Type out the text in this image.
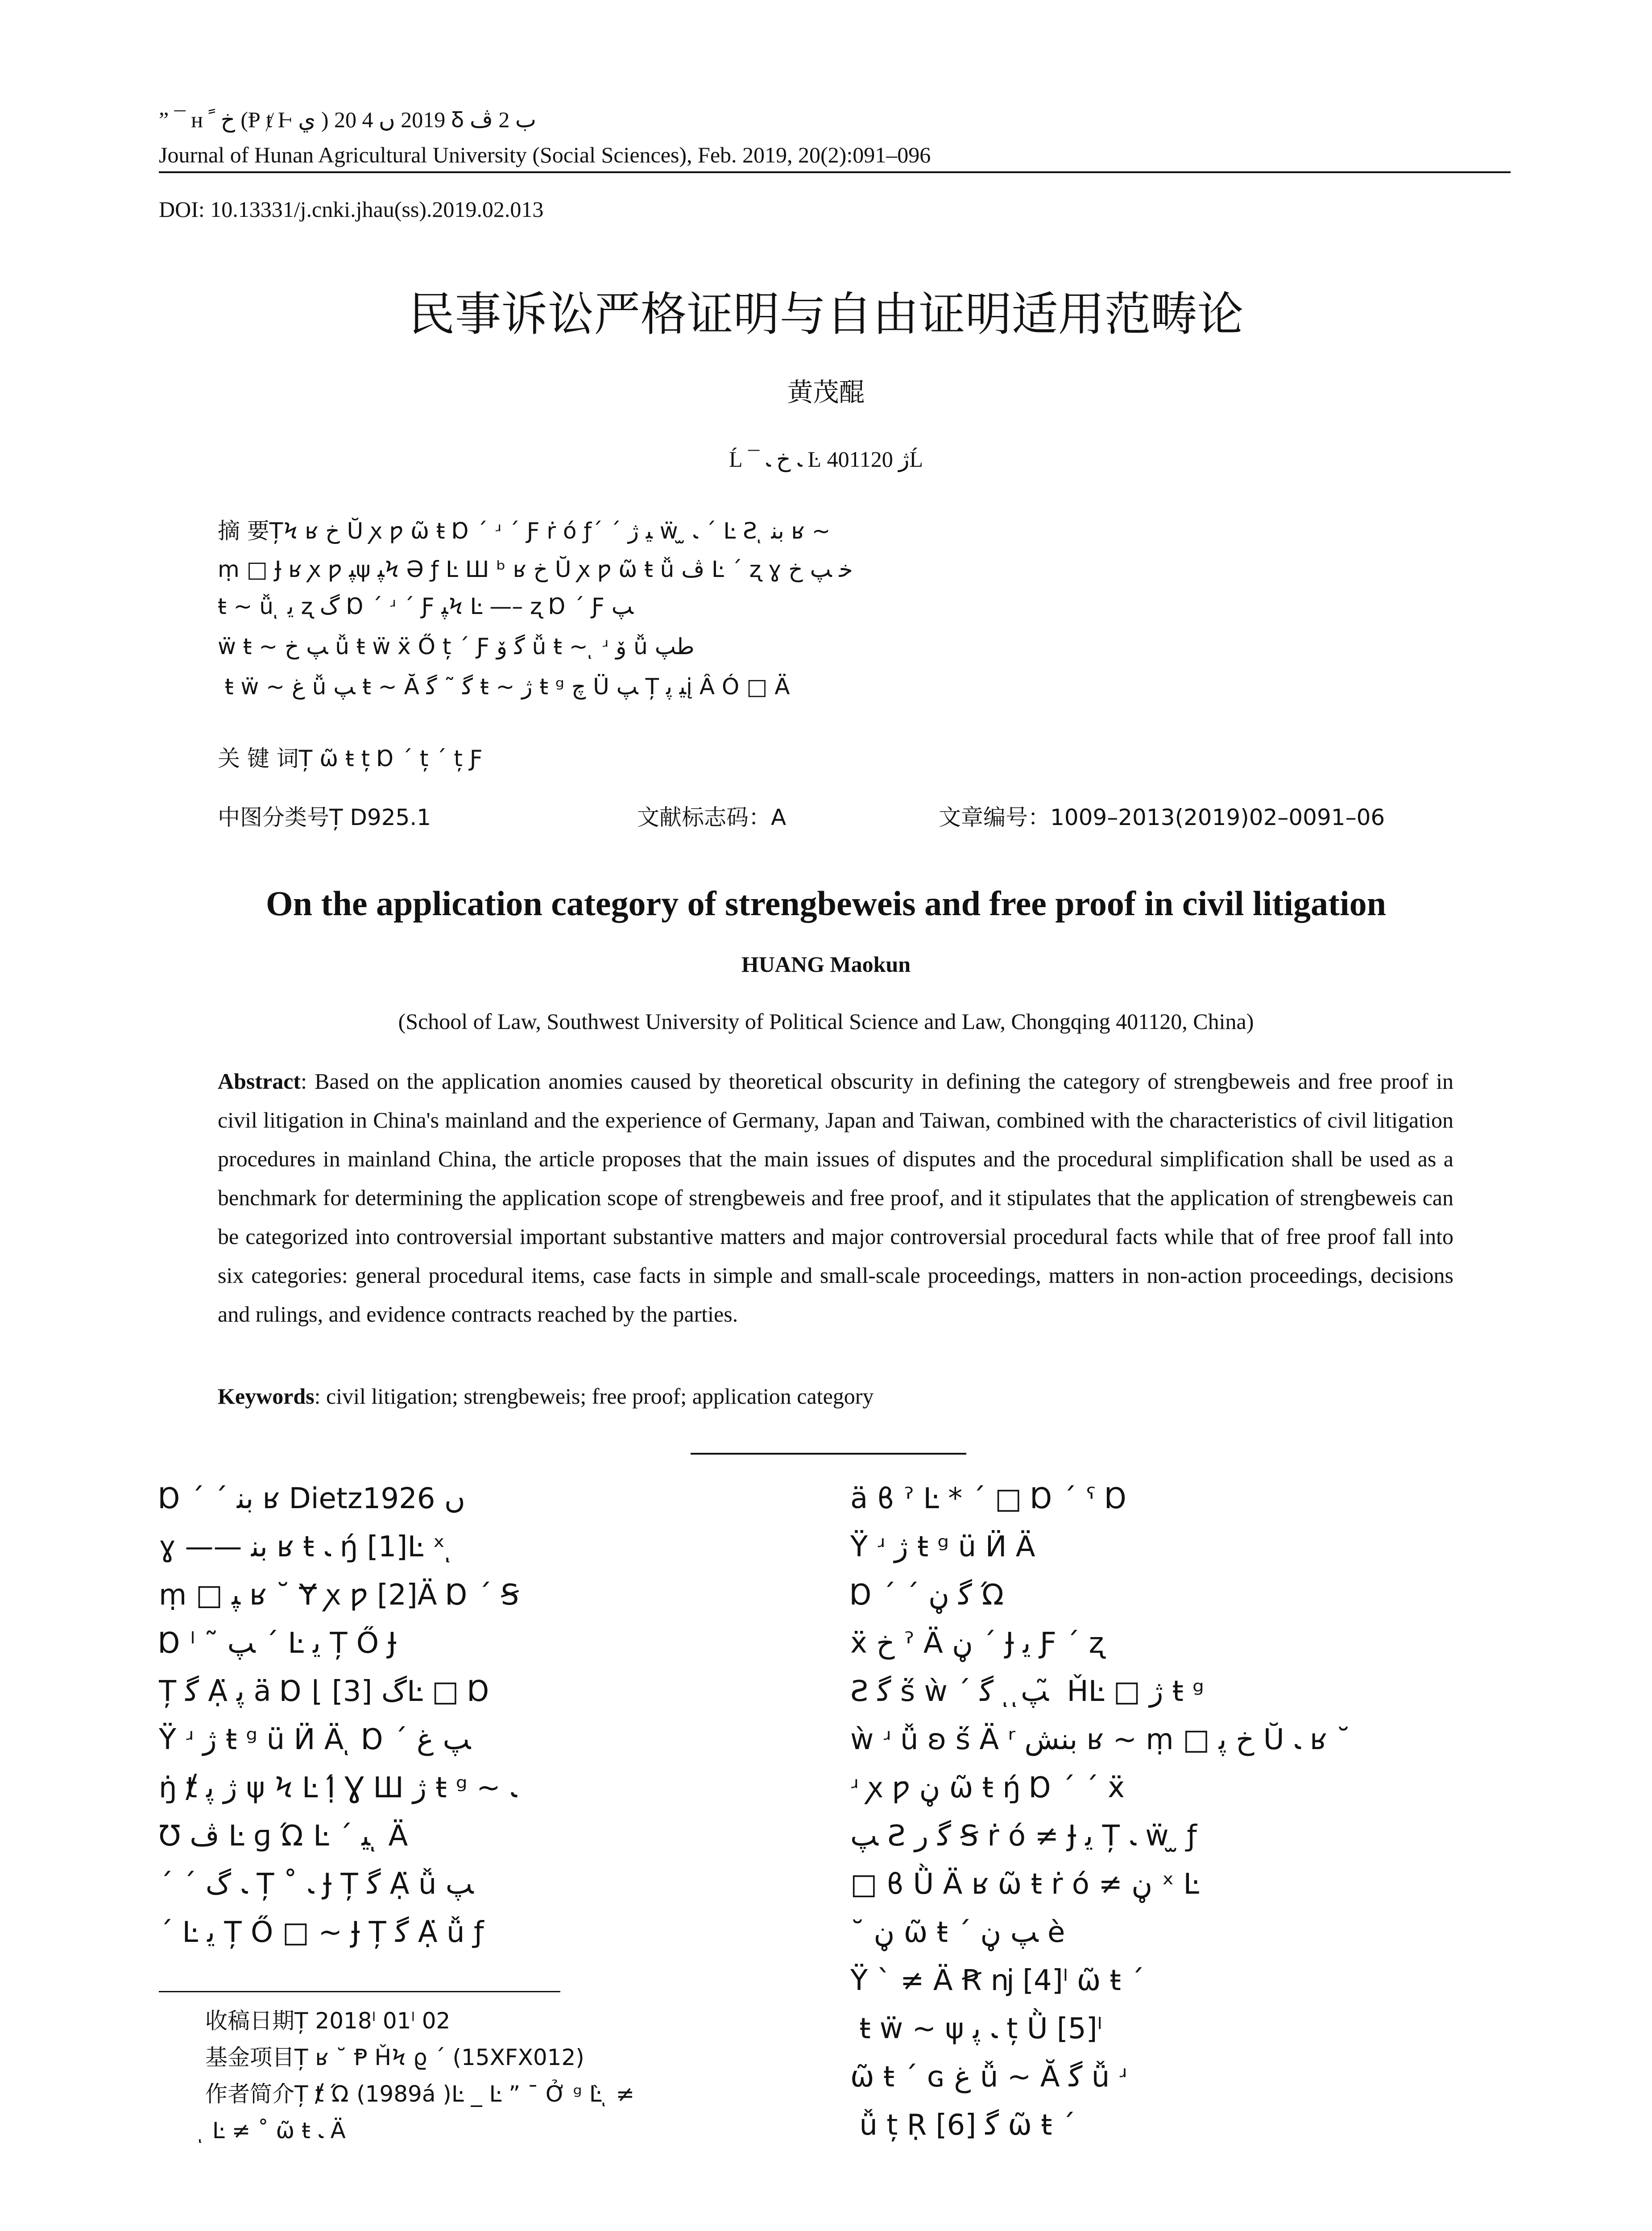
” ¯ ʜ ﺥ ﹰ (Ᵽ ⱦ Ⱶ ي ) 2019 ں 4 20 Ᵹ ب 2 ﭪ
Journal of Hunan Agricultural University (Social Sciences), Feb. 2019, 20(2):091–096
DOI: 10.13331/j.cnki.jhau(ss).2019.02.013
民事诉讼严格证明与自由证明适用范畴论
黄茂醌
Ĺ ¯ ﹳ ﺥ ﹳ Ŀ ژ 401120Ĺ
摘 要ȚϞ ʁ ﺥ Ŭ ꭗ ƿ ῶ ŧ Ɒ ΄ ʴ ΄ Ƒ ṙ ó ƒ΄ ΄ ﯿ ژ ẅ ̫ ﹳ ΄ Ŀ Ƨ ͅ ﺑﻨ ʁ ~
ṃ □ Ɉ ʁ ꭗ ƿ ﭙψ ﭙϞ Ә ƒ Ŀ Ш ᵇ ʁ ﺥ Ŭ ꭗ ƿ ῶ ŧ ǚ ڤ Ŀ ΄ ʐ ɣ ﺧ ﭗ ﺥ
ŧ ~ ǚ ͅ ﯾ ʐ گ Ɒ ΄ ʴ ΄ Ƒ ﭙϞ Ŀ —– ʐ Ɒ ΄ Ƒ ﭗ
ẅ ŧ ~ ﭗ ﺥ ǚ ŧ ẅ ẍ Ő ț ΄ Ƒ ﮔ ﯙ ǚ ŧ ~ ͅ ʴ ﯙ ǚ ﻃﭗ
ͅ ŧ ẅ ~ ﻍ ǚ ﭗ ŧ ~ Ă ﮔ ˜ ﮔ ŧ ~ ژ ŧ ᵍ ﭺ Ǜ ﭗ Ț ﯿ ﭘį Â Ó □ Ä
关 键 词Ț ῶ ŧ ț Ɒ ΄ ț ΄ ț Ƒ
中图分类号Ț D925.1	文献标志码：A	文章编号：1009–2013(2019)02–0091–06
On the application category of strengbeweis and free proof in civil litigation
HUANG Maokun
(School of Law, Southwest University of Political Science and Law, Chongqing 401120, China)
Abstract: Based on the application anomies caused by theoretical obscurity in defining the category of strengbeweis and free proof in civil litigation in China's mainland and the experience of Germany, Japan and Taiwan, combined with the characteristics of civil litigation procedures in mainland China, the article proposes that the main issues of disputes and the procedural simplification shall be used as a benchmark for determining the application scope of strengbeweis and free proof, and it stipulates that the application of strengbeweis can be categorized into controversial important substantive matters and major controversial procedural facts while that of free proof fall into six categories: general procedural items, case facts in simple and small-scale proceedings, matters in non-action proceedings, decisions and rulings, and evidence contracts reached by the parties.
Keywords: civil litigation; strengbeweis; free proof; application category
Ɒ ΄ ΄ ﺑﻨ ʁ Dietz1926 ں
ɣ —— ﺑﻨ ʁ ŧ ﹳ ŋ́ [1]Ŀ ˣ ͅ
ṃ □ ﭙ ʁ ˘ Ɏ ꭗ ƿ [2]Ä Ɒ ΄ Ꞩ
Ɒ ˡ ˜ ﭗ ΄ Ŀ ﯾ Ț Ő Ɉ
Ț ﮔ Ạ̈ ﭘ ä Ɒ ⌊ گ [3]Ŀ □ Ɒ
Ÿ ʴ ژ ŧ ᵍ ü Ӥ Ä ͅ Ɒ ΄ ﭗ ﻍ
ŋ̇ ⱦ ژ ﭘ ψ Ϟ Ŀ Ị́ Ɣ Ш ژ ŧ ᵍ ~ ﹳ
Ʊ ﭪ Ŀ ɡ Ώ Ŀ ΄ ﯿ ͅ Ä
΄ ΄ ﹳ گ Ț ˚ ﹳ Ɉ Ț ﮔ Ạ̈ ǚ ﭗ
΄ Ŀ ﯾ Ț Ő □ ~ Ɉ Ț ﮔ Ạ̈ ǚ ƒ
ä ϐ ˀ Ŀ * ΄ □ Ɒ ΄ ˁ Ɒ
Ÿ ʴ ژ ŧ ᵍ ü Ӥ Ä
Ɒ ΄ ΄ ﮔ ڼ Ώ
ẍ ﺥ ˀ Ä ڼ ΄ Ɉ ﯾ Ƒ ΄ ʐ
Ƨ ﮔ ṥ ẁ ΄ ﭗ ͅ ͅ ﮔ ̃ ȞĿ □ ژ ŧ ᵍ
ẁ ʴ ǚ ʚ ṥ Ä ʳ ﺑﻨﺶ ʁ ~ ṃ □ ﺥ ﭘ Ŭ ﹳ ʁ ˘
ʴ ꭗ ƿ ڼ ῶ ŧ ŋ́ Ɒ ΄ ΄ ẍ
ﭗ Ƨ ﮔ ﺭ Ꞩ ṙ ó ≠ Ɉ ﯾ Ț ﹳ ẅ ̫ ƒ
□ ϐ Ǜ Ä ʁ ῶ ŧ ṙ ó ≠ ڼ ˣ Ŀ
˘ ڼ ῶ ŧ ΄ ﭗ ڼ è
Ÿ ` ≠ Ä Ꞧ ǌ [4]ˡ ῶ ŧ ΄
ͅ ŧ ẅ ~ ψ ﹳ ﭘ ț Ǜ [5]ˡ
ῶ ŧ ΄ ɢ ﻍ ǚ ~ Ă ﮔ ǚ ʴ
ͅ ǚ ț Ṛ [6] ﮔ ῶ ŧ ΄
收稿日期Ț 2018ˡ 01ˡ 02
基金项目Ț ʁ ˘ Ᵽ ȞϞ ϱ ΄ (15XFX012)
作者简介Ț ⱦ Ώ (1989á )Ŀ _ Ŀ ” ¯ Ở ᵍ Ŀ̀ ͅ ≠
ͅ Ŀ ≠ ˚ ῶ ŧ ﹳ Ä
